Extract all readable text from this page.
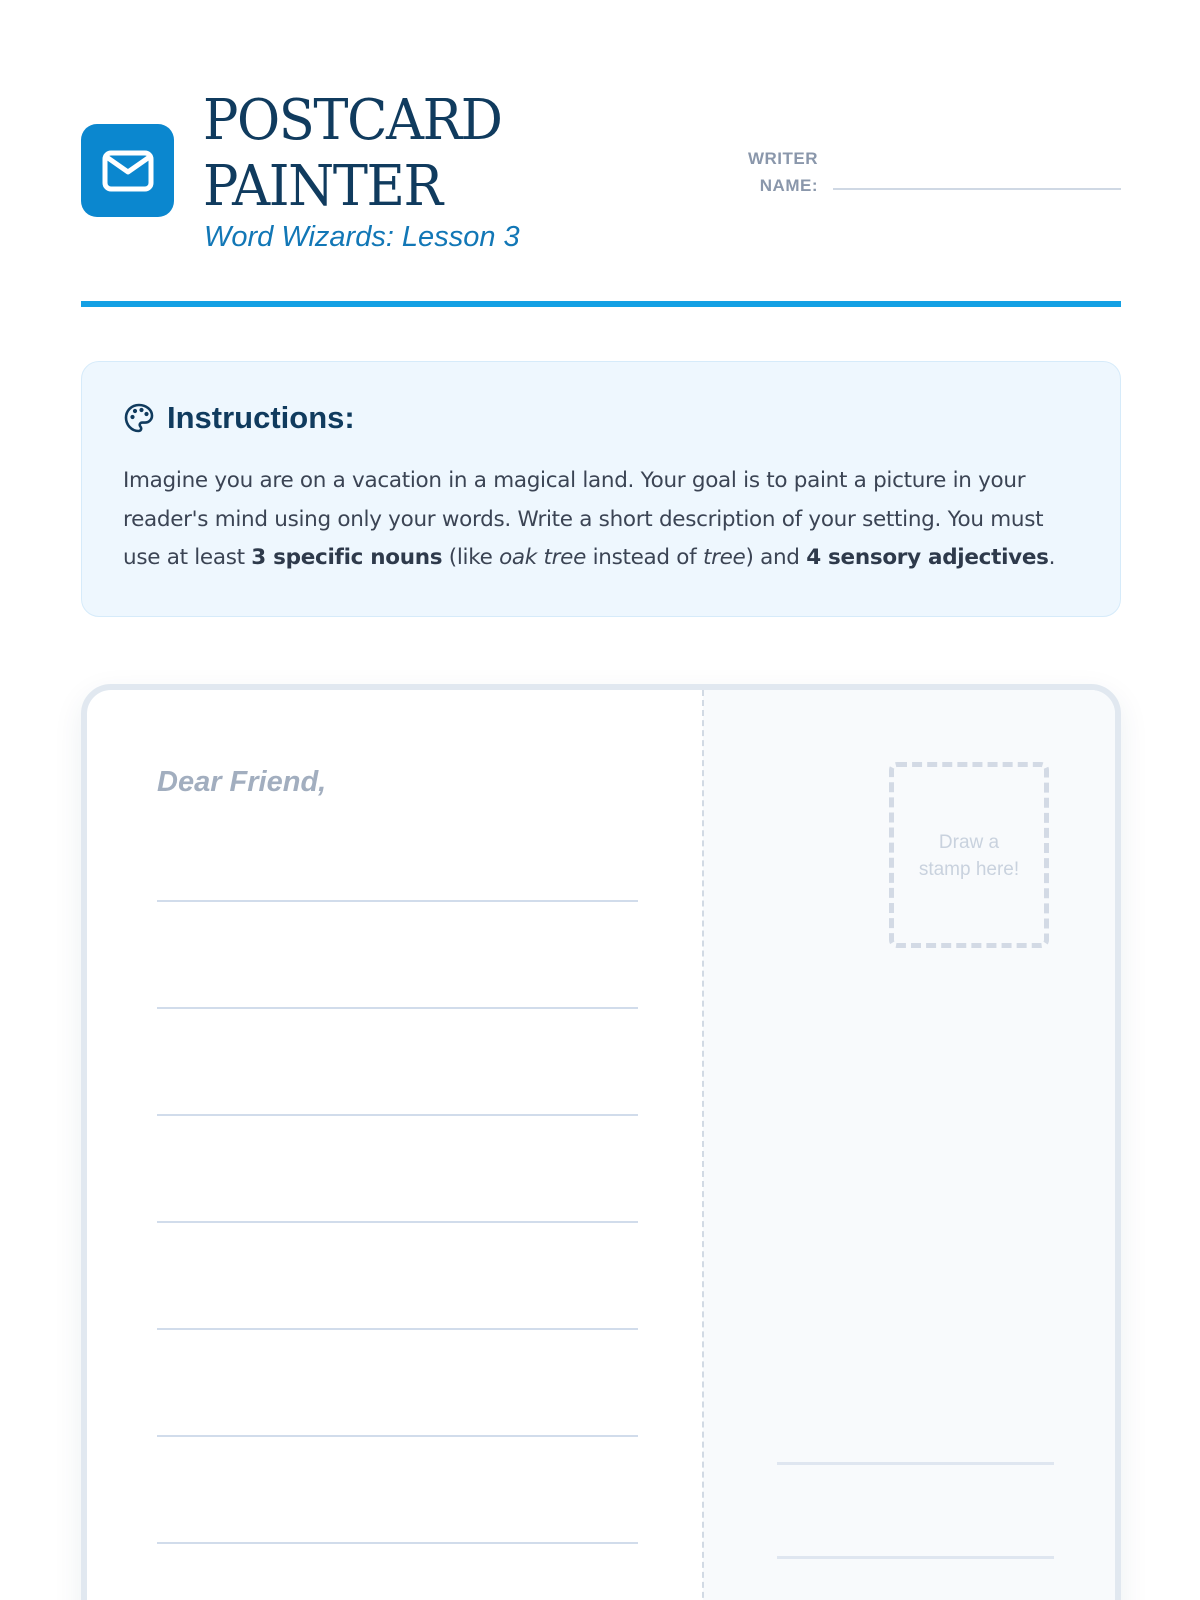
POSTCARD
PAINTER
Word Wizards: Lesson 3
WRITER
NAME:
Instructions:

Imagine you are on a vacation in a magical land. Your goal is to paint a picture in your reader's mind using only your words. Write a short description of your setting. You must use at least 3 specific nouns (like oak tree instead of tree) and 4 sensory adjectives.

Dear Friend,
Draw a
stamp here!
